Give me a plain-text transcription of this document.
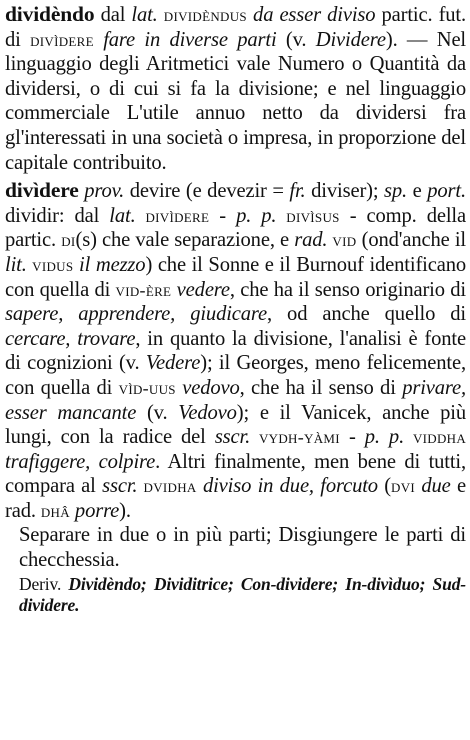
dividèndo dal lat. dividèndus da esser diviso partic. fut. di divìdere fare in diverse parti (v. Dividere). — Nel linguaggio degli Aritmetici vale Numero o Quantità da dividersi, o di cui si fa la divisione; e nel linguaggio commerciale L'utile annuo netto da dividersi fra gl'interessati in una società o impresa, in proporzione del capitale contribuito.

divìdere prov. devire (e devezir = fr. diviser); sp. e port. dividir: dal lat. divìdere - p. p. divìsus - comp. della partic. di(s) che vale separazione, e rad. vid (ond'anche il lit. vidus il mezzo) che il Sonne e il Burnouf identificano con quella di vid-ère vedere, che ha il senso originario di sapere, apprendere, giudicare, od anche quello di cercare, trovare, in quanto la divisione, l'analisi è fonte di cognizioni (v. Vedere); il Georges, meno felicemente, con quella di vìd-uus vedovo, che ha il senso di privare, esser mancante (v. Vedovo); e il Vanicek, anche più lungi, con la radice del sscr. vydh-yàmi - p. p. viddha trafiggere, colpire. Altri finalmente, men bene di tutti, compara al sscr. dvidha diviso in due, forcuto (dvi due e rad. dhâ porre).

Separare in due o in più parti; Disgiungere le parti di checchessia.

Deriv. Dividèndo; Dividitrice; Con-dividere; In-divìduo; Sud-dividere.
